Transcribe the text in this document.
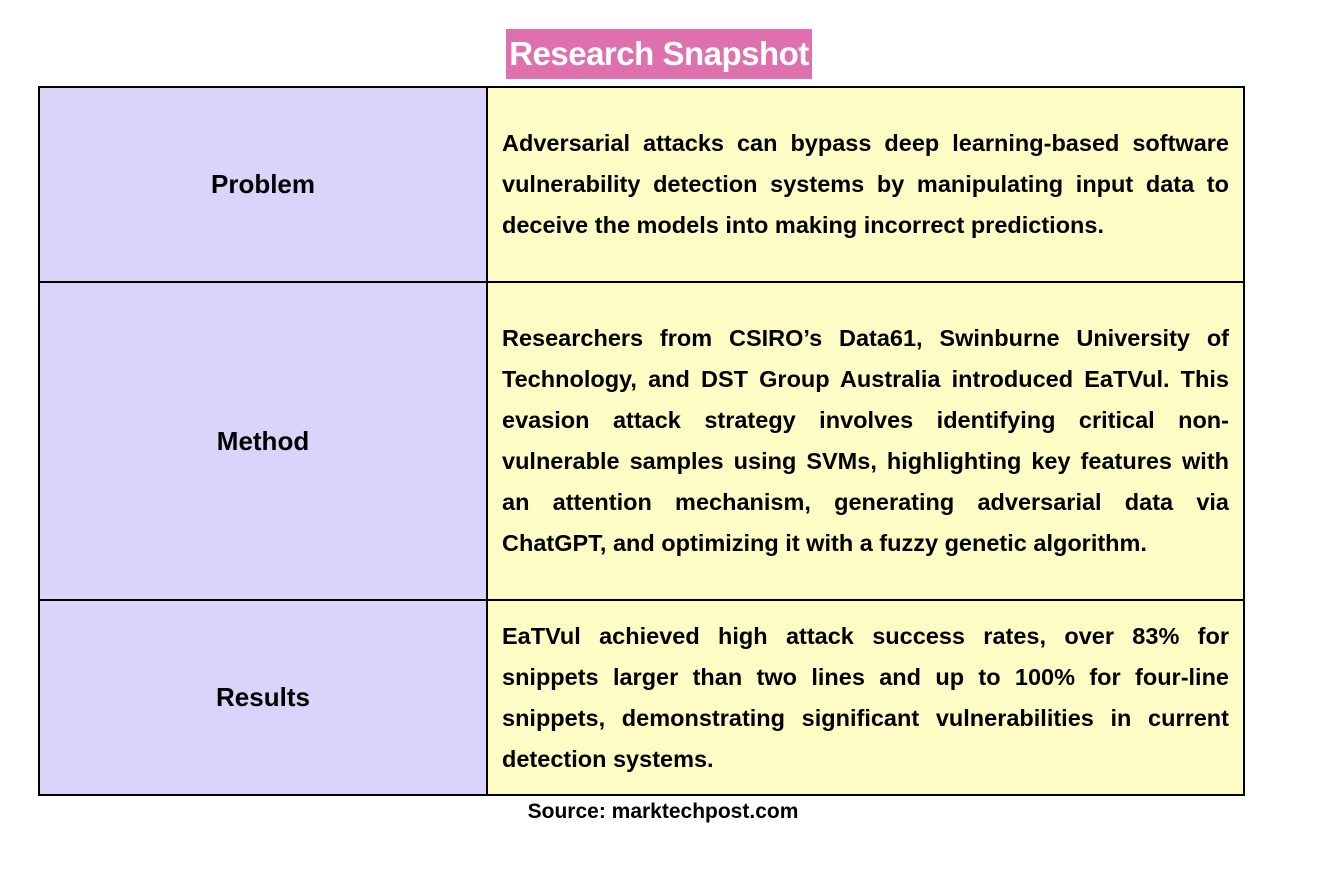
Research Snapshot
Problem	Adversarial attacks can bypass deep learning-based software vulnerability detection systems by manipulating input data to deceive the models into making incorrect predictions.
Method	Researchers from CSIRO’s Data61, Swinburne University of Technology, and DST Group Australia introduced EaTVul. This evasion attack strategy involves identifying critical non-vulnerable samples using SVMs, highlighting key features with an attention mechanism, generating adversarial data via ChatGPT, and optimizing it with a fuzzy genetic algorithm.
Results	EaTVul achieved high attack success rates, over 83% for snippets larger than two lines and up to 100% for four-line snippets, demonstrating significant vulnerabilities in current detection systems.
Source: marktechpost.com
